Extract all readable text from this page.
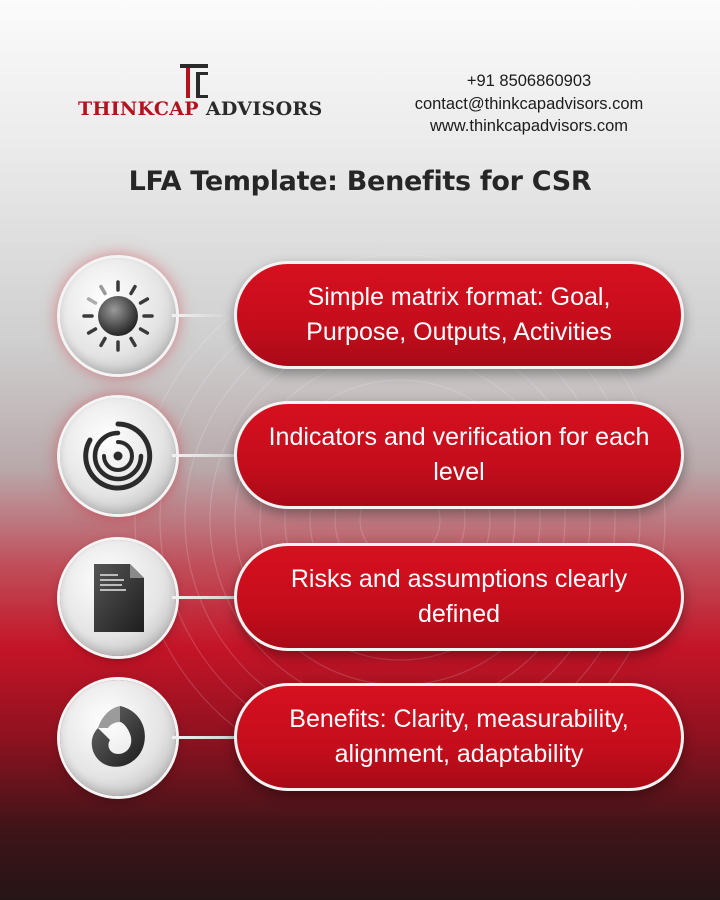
THINKCAP ADVISORS
+91 8506860903
contact@thinkcapadvisors.com
www.thinkcapadvisors.com
LFA Template: Benefits for CSR
Simple matrix format: Goal, Purpose, Outputs, Activities
Indicators and verification for each level
Risks and assumptions clearly defined
Benefits: Clarity, measurability, alignment, adaptability
